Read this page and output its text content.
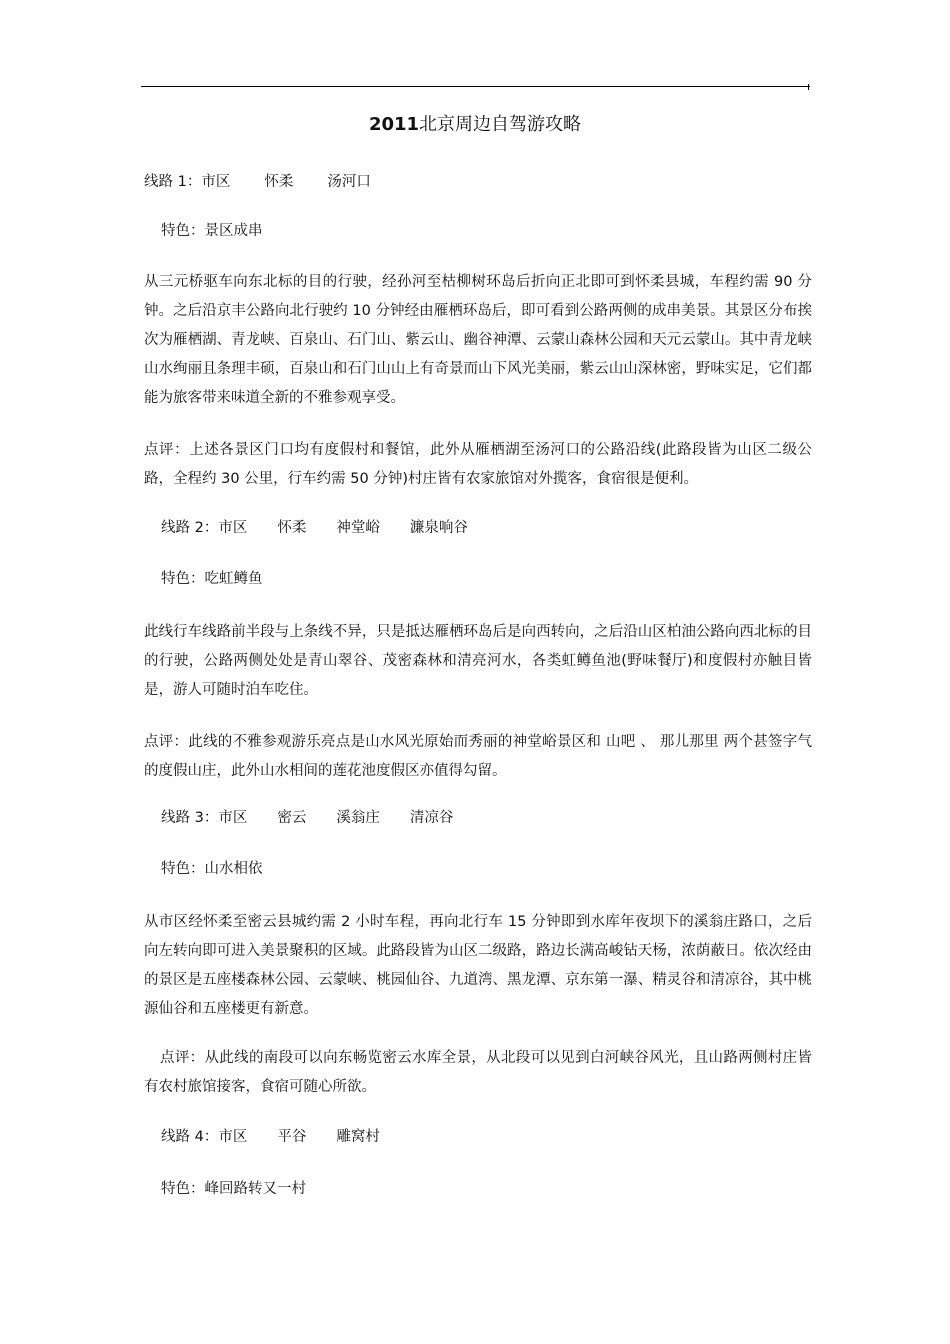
2011北京周边自驾游攻略
线路 1：市区 怀柔 汤河口
特色：景区成串
从三元桥驱车向东北标的目的行驶，经孙河至枯柳树环岛后折向正北即可到怀柔县城，车程约需 90 分钟。之后沿京丰公路向北行驶约 10 分钟经由雁栖环岛后，即可看到公路两侧的成串美景。其景区分布挨次为雁栖湖、青龙峡、百泉山、石门山、紫云山、幽谷神潭、云蒙山森林公园和天元云蒙山。其中青龙峡山水绚丽且条理丰硕，百泉山和石门山山上有奇景而山下风光美丽，紫云山山深林密，野味实足，它们都能为旅客带来味道全新的不雅参观享受。
点评：上述各景区门口均有度假村和餐馆，此外从雁栖湖至汤河口的公路沿线(此路段皆为山区二级公路，全程约 30 公里，行车约需 50 分钟)村庄皆有农家旅馆对外揽客，食宿很是便利。
线路 2：市区 怀柔 神堂峪 濂泉响谷
特色：吃虹鳟鱼
此线行车线路前半段与上条线不异，只是抵达雁栖环岛后是向西转向，之后沿山区柏油公路向西北标的目的行驶，公路两侧处处是青山翠谷、茂密森林和清亮河水，各类虹鳟鱼池(野味餐厅)和度假村亦触目皆是，游人可随时泊车吃住。
点评：此线的不雅参观游乐亮点是山水风光原始而秀丽的神堂峪景区和 山吧 、 那儿那里 两个甚签字气的度假山庄，此外山水相间的莲花池度假区亦值得勾留。
线路 3：市区 密云 溪翁庄 清凉谷
特色：山水相依
从市区经怀柔至密云县城约需 2 小时车程，再向北行车 15 分钟即到水库年夜坝下的溪翁庄路口，之后向左转向即可进入美景聚积的区域。此路段皆为山区二级路，路边长满高峻钻天杨，浓荫蔽日。依次经由的景区是五座楼森林公园、云蒙峡、桃园仙谷、九道湾、黑龙潭、京东第一瀑、精灵谷和清凉谷，其中桃源仙谷和五座楼更有新意。
点评：从此线的南段可以向东畅览密云水库全景，从北段可以见到白河峡谷风光，且山路两侧村庄皆有农村旅馆接客，食宿可随心所欲。
线路 4：市区 平谷 雕窝村
特色：峰回路转又一村
